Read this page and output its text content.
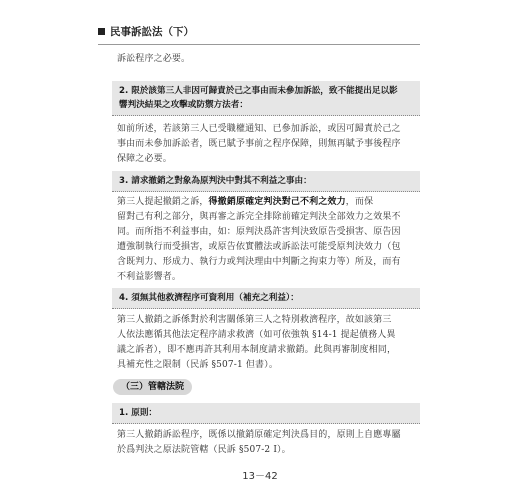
民事訴訟法（下）
訴訟程序之必要。
2. 限於該第三人非因可歸責於己之事由而未參加訴訟，致不能提出足以影
響判決結果之攻擊或防禦方法者：
如前所述，若該第三人已受職權通知、已參加訴訟，或因可歸責於己之
事由而未參加訴訟者，既已賦予事前之程序保障，則無再賦予事後程序
保障之必要。
3. 請求撤銷之對象為原判決中對其不利益之事由：
第三人提起撤銷之訴，得撤銷原確定判決對己不利之效力，而保
留對己有利之部分，與再審之訴完全排除前確定判決全部效力之效果不
同。而所指不利益事由，如：原判決爲許害判決致原告受損害、原告因
遭強制執行而受損害，或原告依實體法或訴訟法可能受原判決效力（包
含既判力、形成力、執行力或判決理由中判斷之拘束力等）所及，而有
不利益影響者。
4. 須無其他救濟程序可資利用（補充之利益）：
第三人撤銷之訴係對於利害關係第三人之特別救濟程序，故如該第三
人依法應循其他法定程序請求救濟（如可依強執 §14-1 提起債務人異
議之訴者），即不應再許其利用本制度請求撤銷。此與再審制度相同，
具補充性之限制（民訴 §507-1 但書）。
（三）管轄法院
1. 原則：
第三人撤銷訴訟程序，既係以撤銷原確定判決爲目的，原則上自應專屬
於爲判決之原法院管轄（民訴 §507-2 Ⅰ）。
13－42
